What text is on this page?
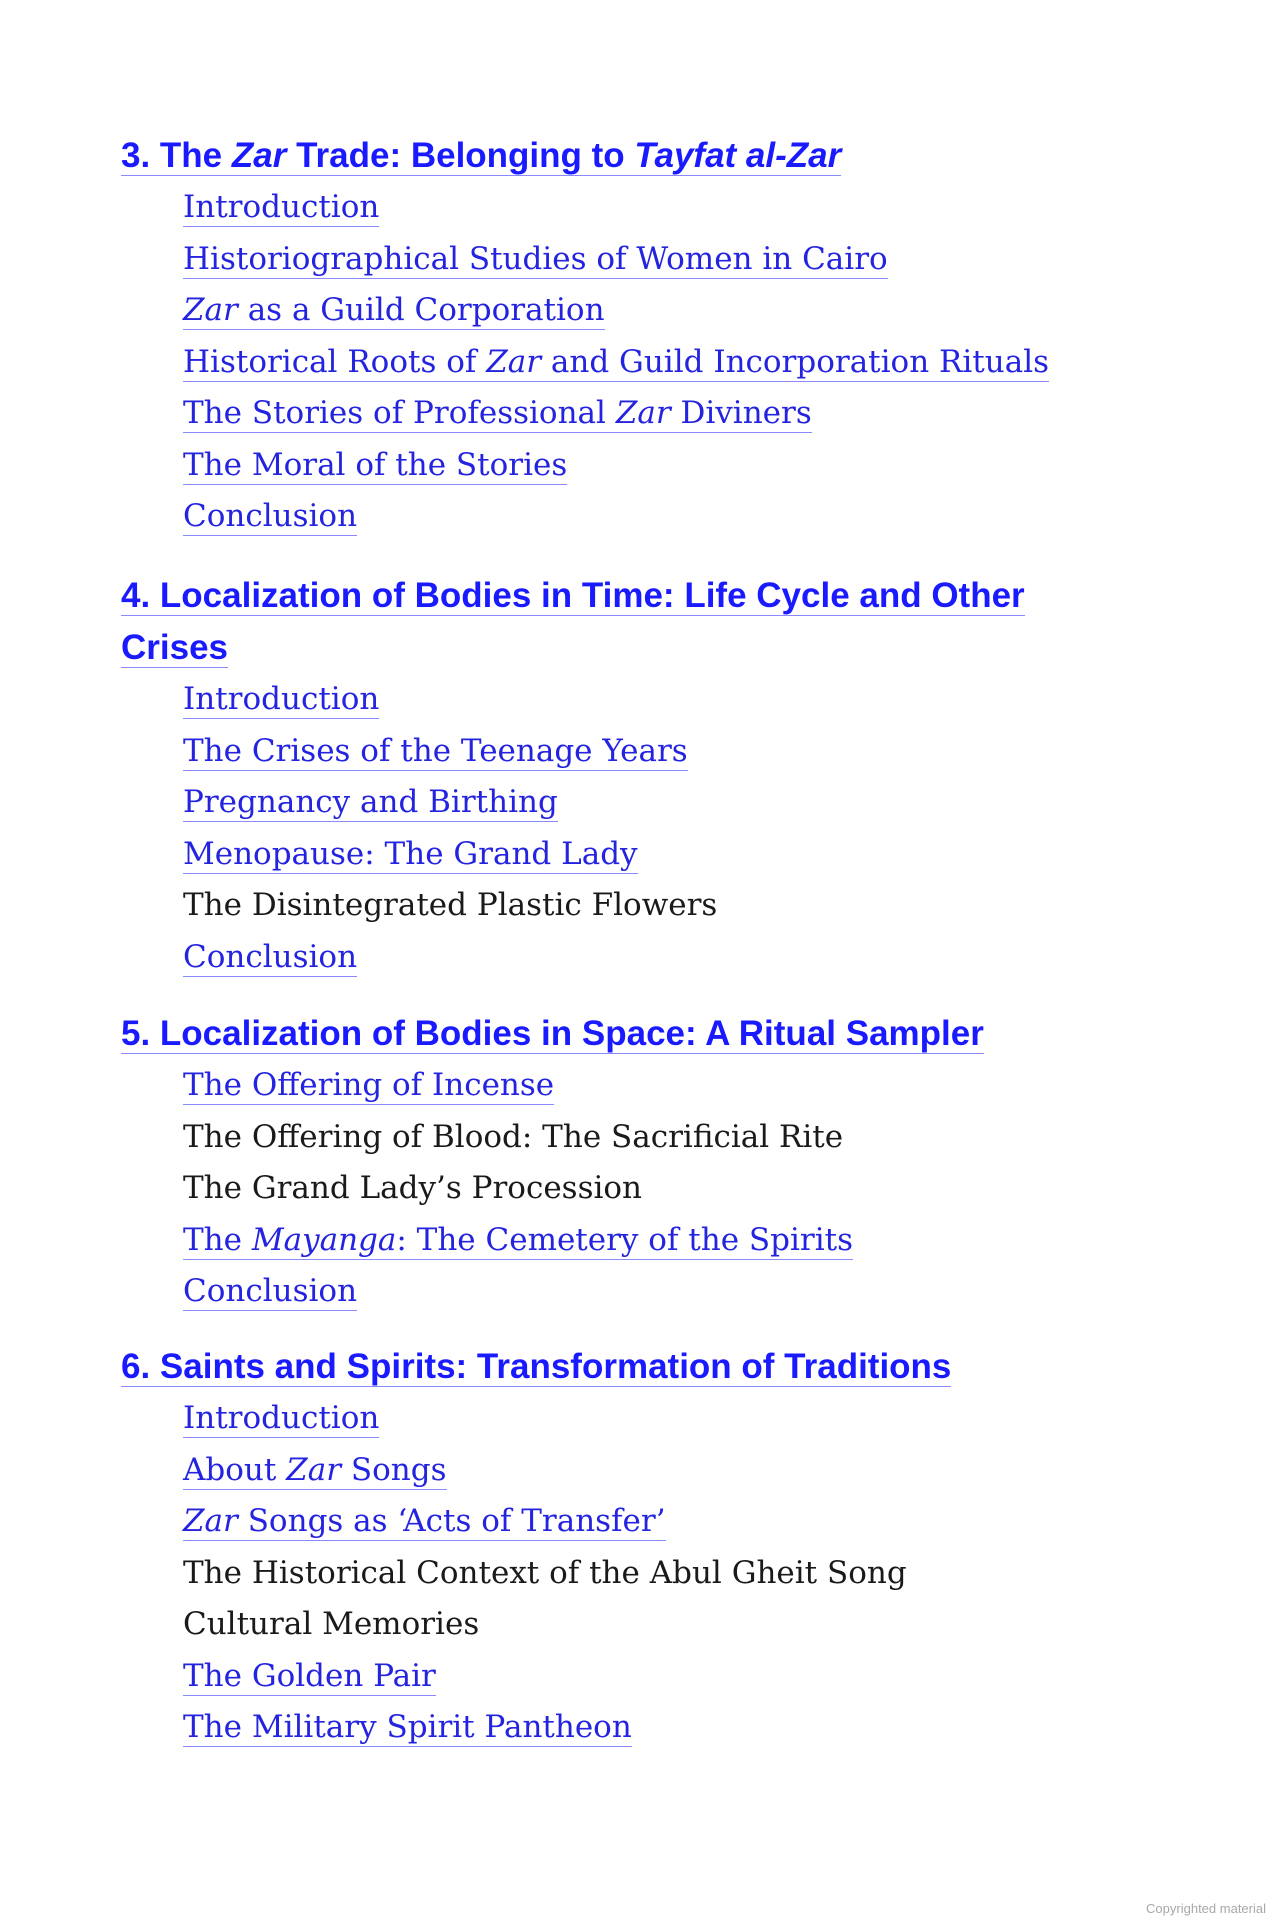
3. The Zar Trade: Belonging to Tayfat al-Zar
Introduction
Historiographical Studies of Women in Cairo
Zar as a Guild Corporation
Historical Roots of Zar and Guild Incorporation Rituals
The Stories of Professional Zar Diviners
The Moral of the Stories
Conclusion
4. Localization of Bodies in Time: Life Cycle and Other Crises
Introduction
The Crises of the Teenage Years
Pregnancy and Birthing
Menopause: The Grand Lady
The Disintegrated Plastic Flowers
Conclusion
5. Localization of Bodies in Space: A Ritual Sampler
The Offering of Incense
The Offering of Blood: The Sacrificial Rite
The Grand Lady’s Procession
The Mayanga: The Cemetery of the Spirits
Conclusion
6. Saints and Spirits: Transformation of Traditions
Introduction
About Zar Songs
Zar Songs as ‘Acts of Transfer’
The Historical Context of the Abul Gheit Song
Cultural Memories
The Golden Pair
The Military Spirit Pantheon
Copyrighted material
